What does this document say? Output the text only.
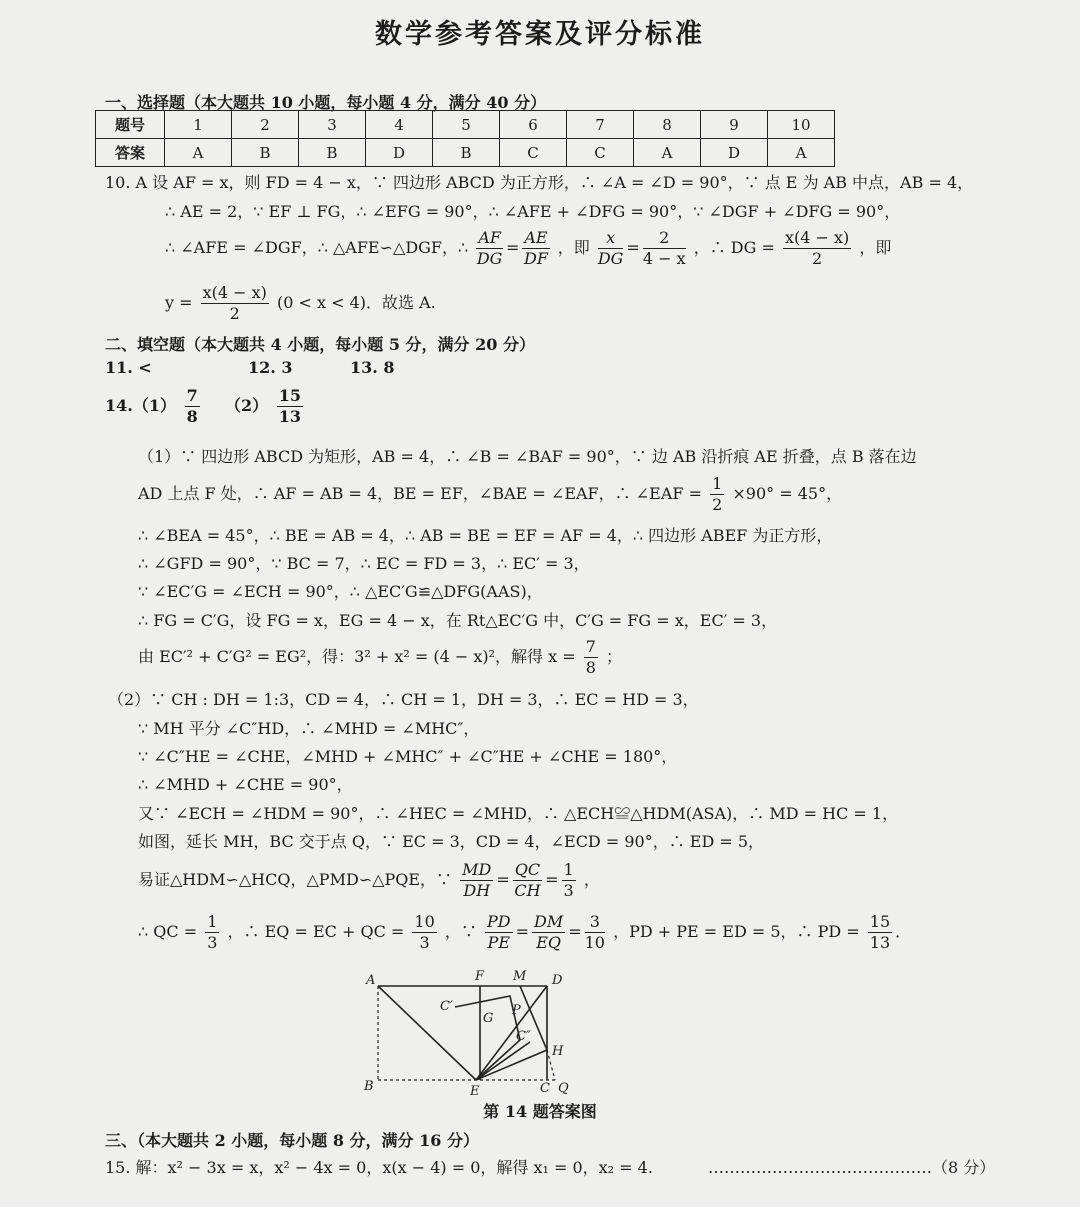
数学参考答案及评分标准
一、选择题（本大题共 10 小题，每小题 4 分，满分 40 分）
题号	1	2	3	4	5	6	7	8	9	10
答案	A	B	B	D	B	C	C	A	D	A
10. A 设 AF = x，则 FD = 4 − x，∵ 四边形 ABCD 为正方形，∴ ∠A = ∠D = 90°，∵ 点 E 为 AB 中点，AB = 4，
∴ AE = 2，∵ EF ⊥ FG，∴ ∠EFG = 90°，∴ ∠AFE + ∠DFG = 90°，∵ ∠DGF + ∠DFG = 90°，
∴ ∠AFE = ∠DGF，∴ △AFE∽△DGF，∴ $\frac{AF}{DG} = \frac{AE}{DF}$ ，即 $\frac{x}{DG} = \frac{2}{4 - x}$ ，∴ DG = $\frac{x(4 - x)}{2}$ ，即
$y = \frac{x(4 - x)}{2} (0 < x < 4)$．故选 A.
二、填空题（本大题共 4 小题，每小题 5 分，满分 20 分）
11. <	12. 3	13. 8
$14.(1) \frac{7}{8} (2) \frac{15}{13}$
（1）∵ 四边形 ABCD 为矩形，AB = 4，∴ ∠B = ∠BAF = 90°，∵ 边 AB 沿折痕 AE 折叠，点 B 落在边
AD 上点 F 处，∴ AF = AB = 4，BE = EF，∠BAE = ∠EAF，∴ ∠EAF = $\frac{1}{2} \times 90^\circ = 45^\circ$，
∴ ∠BEA = 45°，∴ BE = AB = 4，∴ AB = BE = EF = AF = 4，∴ 四边形 ABEF 为正方形，
∴ ∠GFD = 90°，∵ BC = 7，∴ EC = FD = 3，∴ EC′ = 3，
∵ ∠EC′G = ∠ECH = 90°，∴ △EC′G≌△DFG(AAS)，
∴ FG = C′G，设 FG = x，EG = 4 − x，在 Rt△EC′G 中，C′G = FG = x，EC′ = 3，
由 EC′² + C′G² = EG²，得：3² + x² = (4 − x)²，解得 $x = \frac{7}{8}$ ；
（2）∵ CH : DH = 1:3，CD = 4，∴ CH = 1，DH = 3，∴ EC = HD = 3，
∵ MH 平分 ∠C″HD，∴ ∠MHD = ∠MHC″，
∵ ∠C″HE = ∠CHE，∠MHD + ∠MHC″ + ∠C″HE + ∠CHE = 180°，
∴ ∠MHD + ∠CHE = 90°，
又∵ ∠ECH = ∠HDM = 90°，∴ ∠HEC = ∠MHD，∴ △ECH≌△HDM(ASA)，∴ MD = HC = 1，
如图，延长 MH，BC 交于点 Q，∵ EC = 3，CD = 4，∠ECD = 90°，∴ ED = 5，
易证△HDM∽△HCQ，△PMD∽△PQE，∵ $\frac{MD}{DH} = \frac{QC}{CH} = \frac{1}{3}$ ，
∴ QC = $\frac{1}{3}$ ，∴ EQ = EC + QC = $\frac{10}{3}$ ，∵ $\frac{PD}{PE} = \frac{DM}{EQ} = \frac{3}{10}$ ，PD + PE = ED = 5，∴ PD = $\frac{15}{13}$ ．
A
B	C
D
E
F
G
H
M
P
Q
C′
C″
第 14 题答案图
三、（本大题共 2 小题，每小题 8 分，满分 16 分）
15. 解：x² − 3x = x，x² − 4x = 0，x(x − 4) = 0，解得 x₁ = 0，x₂ = 4.	……………………………………（8 分）
